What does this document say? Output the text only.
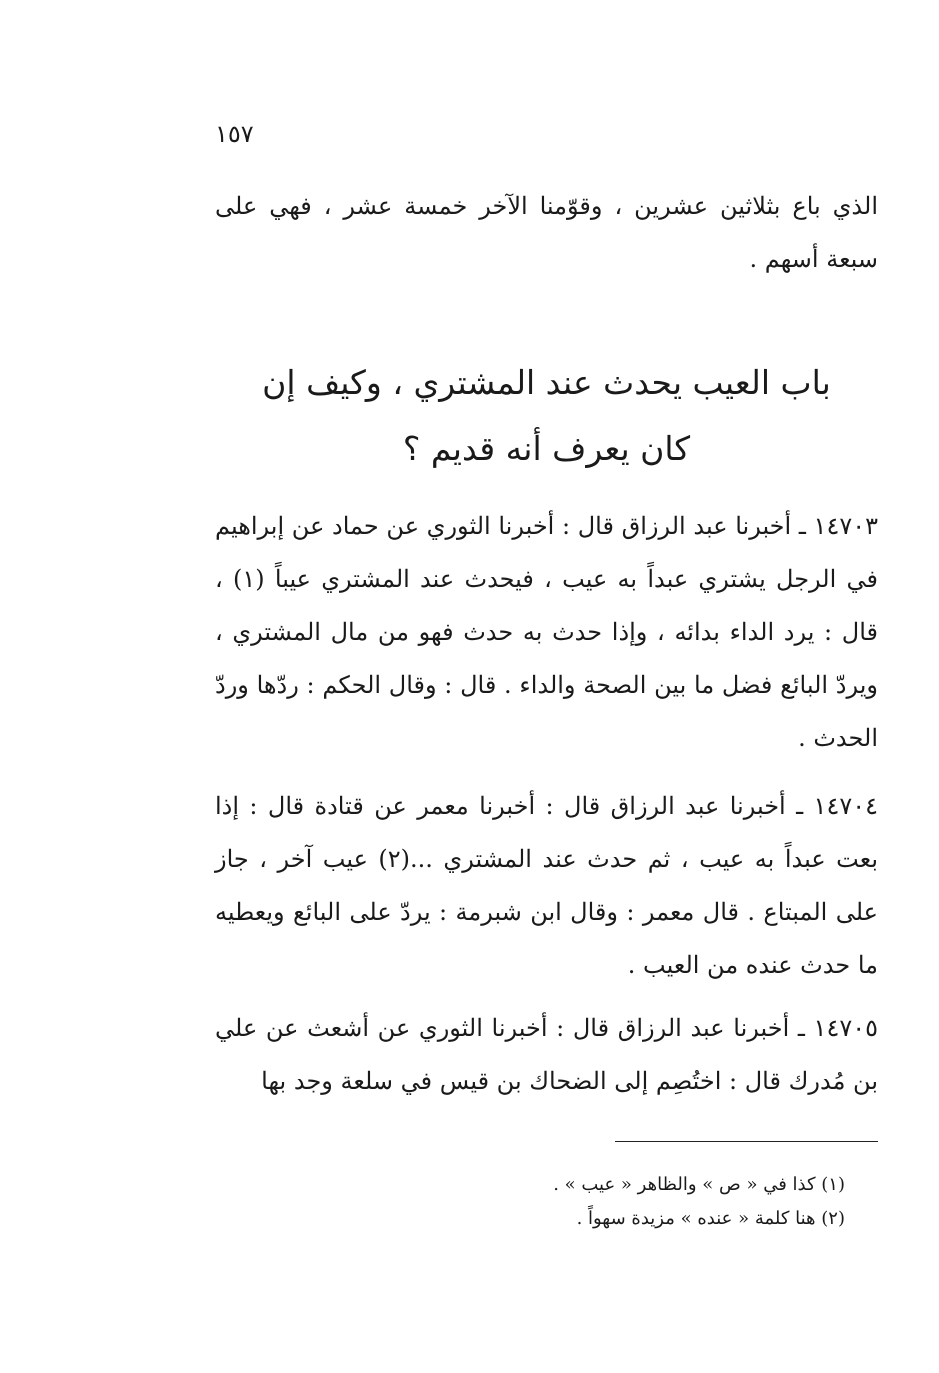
١٥٧
الذي باع بثلاثين عشرين ، وقوّمنا الآخر خمسة عشر ، فهي على سبعة أسهم .
باب العيب يحدث عند المشتري ، وكيف إن
كان يعرف أنه قديم ؟
١٤٧٠٣ ـ أخبرنا عبد الرزاق قال : أخبرنا الثوري عن حماد عن إبراهيم في الرجل يشتري عبداً به عيب ، فيحدث عند المشتري عيباً (١) ، قال : يرد الداء بدائه ، وإذا حدث به حدث فهو من مال المشتري ، ويردّ البائع فضل ما بين الصحة والداء . قال : وقال الحكم : ردّها وردّ الحدث .
١٤٧٠٤ ـ أخبرنا عبد الرزاق قال : أخبرنا معمر عن قتادة قال : إذا بعت عبداً به عيب ، ثم حدث عند المشتري ...(٢) عيب آخر ، جاز على المبتاع . قال معمر : وقال ابن شبرمة : يردّ على البائع ويعطيه ما حدث عنده من العيب .
١٤٧٠٥ ـ أخبرنا عبد الرزاق قال : أخبرنا الثوري عن أشعث عن علي بن مُدرك قال : اختُصِم إلى الضحاك بن قيس في سلعة وجد بها
(١) كذا في « ص » والظاهر « عيب » .
(٢) هنا كلمة « عنده » مزيدة سهواً .
